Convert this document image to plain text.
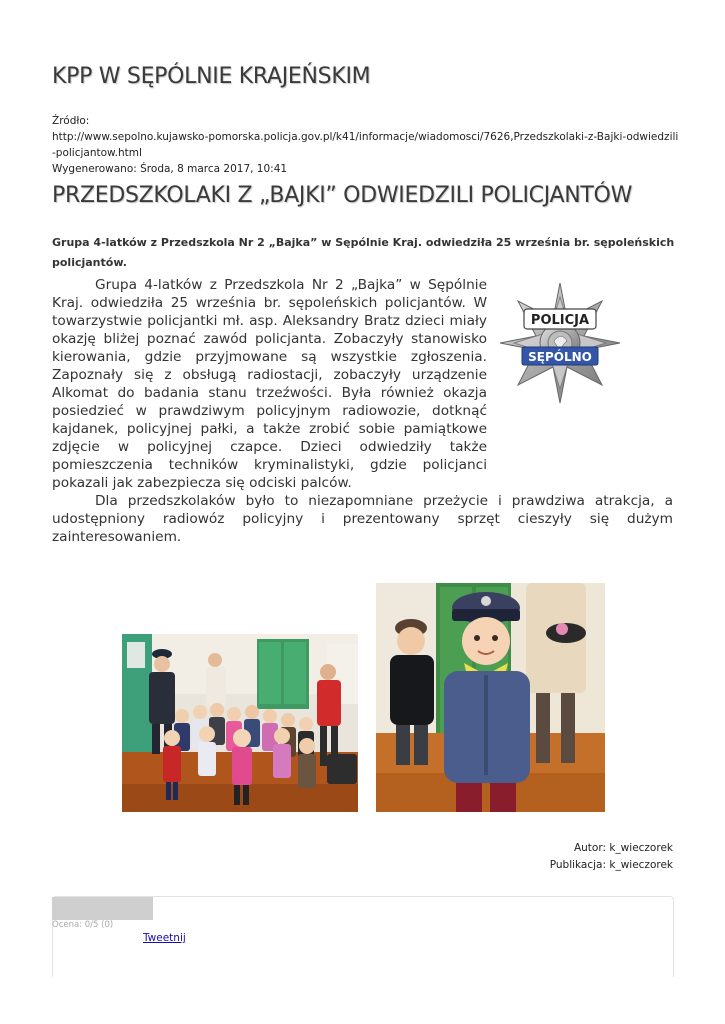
KPP W SĘPÓLNIE KRAJEŃSKIM
Źródło:
http://www.sepolno.kujawsko-pomorska.policja.gov.pl/k41/informacje/wiadomosci/7626,Przedszkolaki-z-Bajki-odwiedzili-policjantow.html
Wygenerowano: Środa, 8 marca 2017, 10:41
PRZEDSZKOLAKI Z „BAJKI” ODWIEDZILI POLICJANTÓW
Grupa 4-latków z Przedszkola Nr 2 „Bajka” w Sępólnie Kraj. odwiedziła 25 września br. sępoleńskich policjantów.

Grupa 4-latków z Przedszkola Nr 2 „Bajka” w Sępólnie Kraj. odwiedziła 25 września br. sępoleńskich policjantów. W towarzystwie policjantki mł. asp. Aleksandry Bratz dzieci miały okazję bliżej poznać zawód policjanta. Zobaczyły stanowisko kierowania, gdzie przyjmowane są wszystkie zgłoszenia. Zapoznały się z obsługą radiostacji, zobaczyły urządzenie Alkomat do badania stanu trzeźwości. Była również okazja posiedzieć w prawdziwym policyjnym radiowozie, dotknąć kajdanek, policyjnej pałki, a także zrobić sobie pamiątkowe zdjęcie w policyjnej czapce. Dzieci odwiedziły także pomieszczenia techników kryminalistyki, gdzie policjanci pokazali jak zabezpiecza się odciski palców.

Dla przedszkolaków było to niezapomniane przeżycie i prawdziwa atrakcja, a udostępniony radiowóz policyjny i prezentowany sprzęt cieszyły się dużym zainteresowaniem.

POLICJA
SĘPÓLNO
Autor: k_wieczorek
Publikacja: k_wieczorek
Ocena: 0/5 (0)
Tweetnij
